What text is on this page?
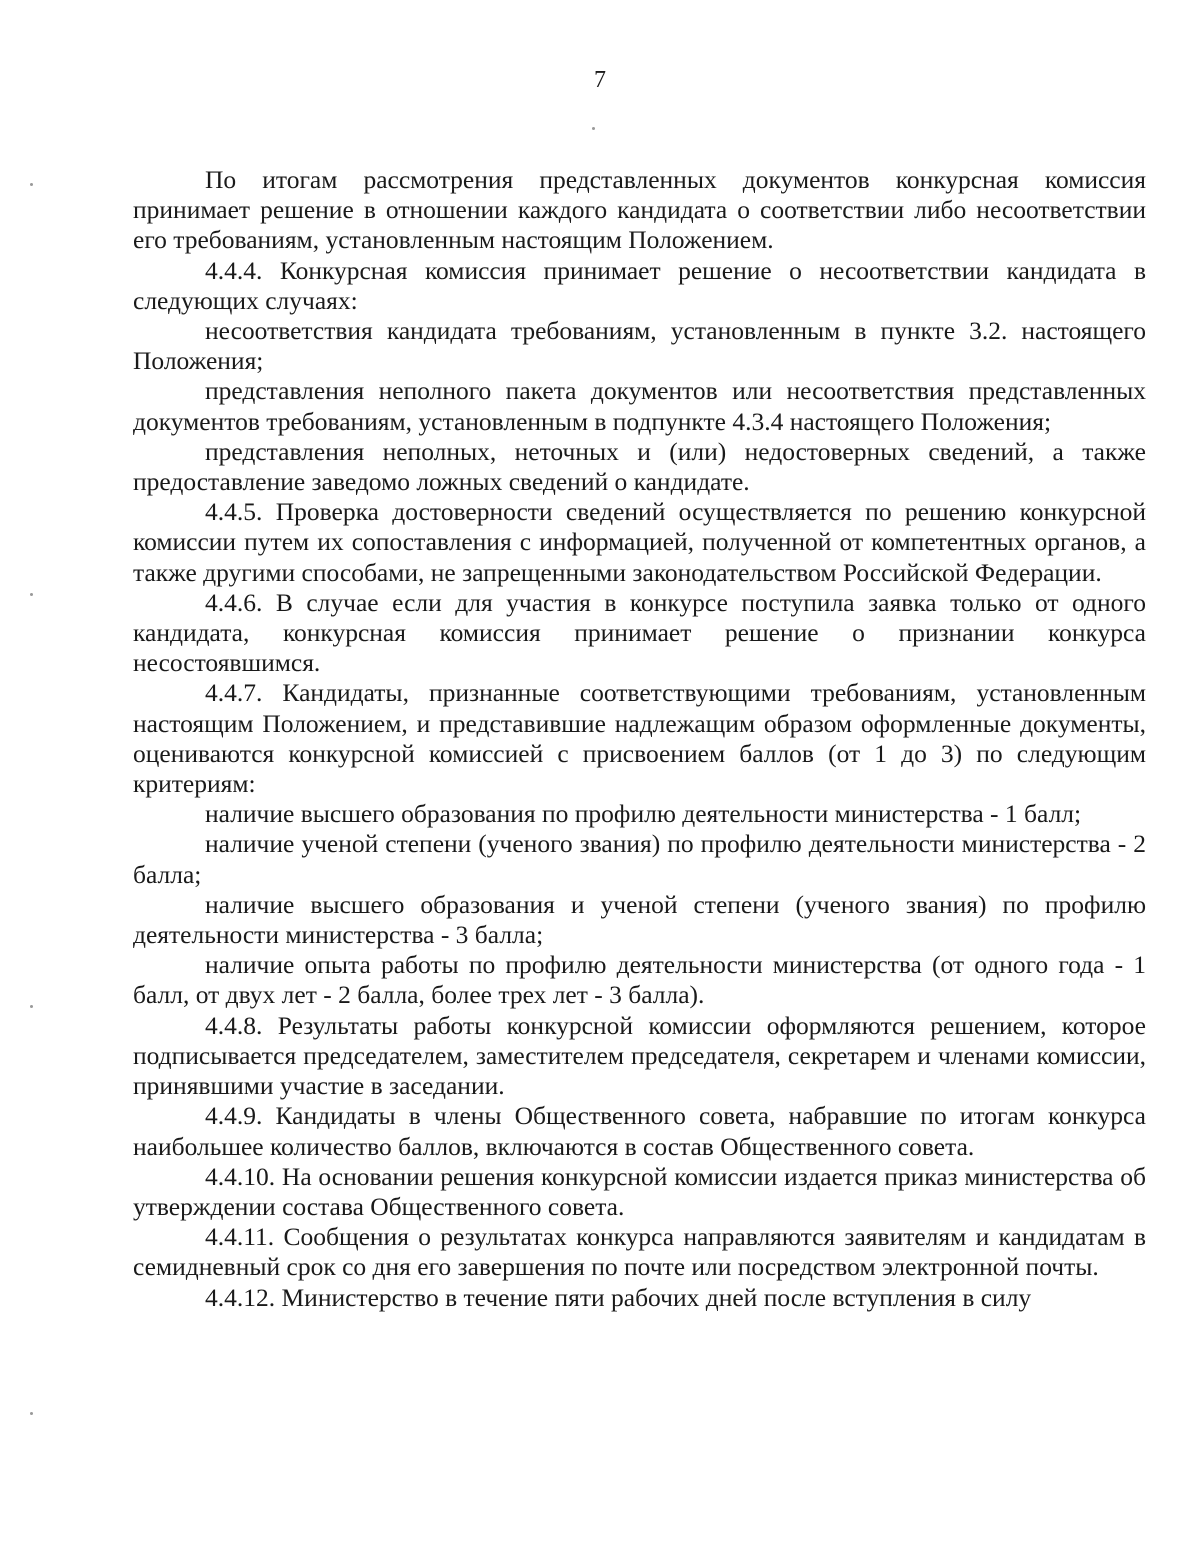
7

По итогам рассмотрения представленных документов конкурсная комиссия принимает решение в отношении каждого кандидата о соответствии либо несоответствии его требованиям, установленным настоящим Положением.

4.4.4. Конкурсная комиссия принимает решение о несоответствии кандидата в следующих случаях:

несоответствия кандидата требованиям, установленным в пункте 3.2. настоящего Положения;

представления неполного пакета документов или несоответствия представленных документов требованиям, установленным в подпункте 4.3.4 настоящего Положения;

представления неполных, неточных и (или) недостоверных сведений, а также предоставление заведомо ложных сведений о кандидате.

4.4.5. Проверка достоверности сведений осуществляется по решению конкурсной комиссии путем их сопоставления с информацией, полученной от компетентных органов, а также другими способами, не запрещенными законодательством Российской Федерации.

4.4.6. В случае если для участия в конкурсе поступила заявка только от одного кандидата, конкурсная комиссия принимает решение о признании конкурса несостоявшимся.

4.4.7. Кандидаты, признанные соответствующими требованиям, установленным настоящим Положением, и представившие надлежащим образом оформленные документы, оцениваются конкурсной комиссией с присвоением баллов (от 1 до 3) по следующим критериям:

наличие высшего образования по профилю деятельности министерства - 1 балл;

наличие ученой степени (ученого звания) по профилю деятельности министерства - 2 балла;

наличие высшего образования и ученой степени (ученого звания) по профилю деятельности министерства - 3 балла;

наличие опыта работы по профилю деятельности министерства (от одного года - 1 балл, от двух лет - 2 балла, более трех лет - 3 балла).

4.4.8. Результаты работы конкурсной комиссии оформляются решением, которое подписывается председателем, заместителем председателя, секретарем и членами комиссии, принявшими участие в заседании.

4.4.9. Кандидаты в члены Общественного совета, набравшие по итогам конкурса наибольшее количество баллов, включаются в состав Общественного совета.

4.4.10. На основании решения конкурсной комиссии издается приказ министерства об утверждении состава Общественного совета.

4.4.11. Сообщения о результатах конкурса направляются заявителям и кандидатам в семидневный срок со дня его завершения по почте или посредством электронной почты.

4.4.12. Министерство в течение пяти рабочих дней после вступления в силу
